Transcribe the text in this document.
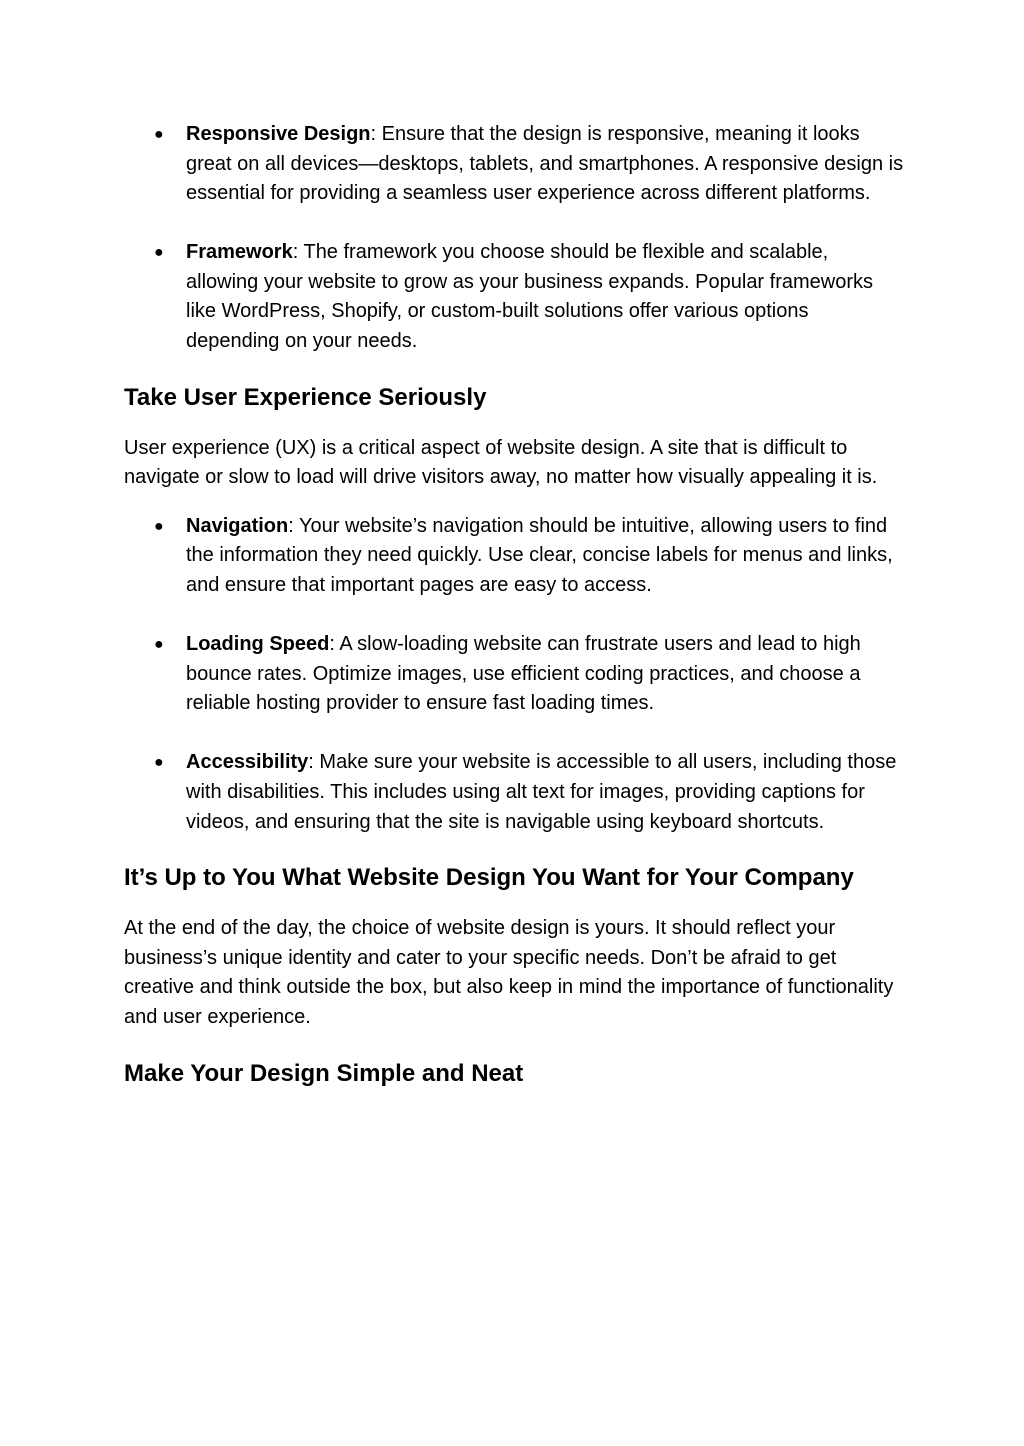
● Responsive Design: Ensure that the design is responsive, meaning it looks great on all devices—desktops, tablets, and smartphones. A responsive design is essential for providing a seamless user experience across different platforms.
● Framework: The framework you choose should be flexible and scalable, allowing your website to grow as your business expands. Popular frameworks like WordPress, Shopify, or custom-built solutions offer various options depending on your needs.
Take User Experience Seriously

User experience (UX) is a critical aspect of website design. A site that is difficult to navigate or slow to load will drive visitors away, no matter how visually appealing it is.

● Navigation: Your website’s navigation should be intuitive, allowing users to find the information they need quickly. Use clear, concise labels for menus and links, and ensure that important pages are easy to access.
● Loading Speed: A slow-loading website can frustrate users and lead to high bounce rates. Optimize images, use efficient coding practices, and choose a reliable hosting provider to ensure fast loading times.
● Accessibility: Make sure your website is accessible to all users, including those with disabilities. This includes using alt text for images, providing captions for videos, and ensuring that the site is navigable using keyboard shortcuts.
It’s Up to You What Website Design You Want for Your Company

At the end of the day, the choice of website design is yours. It should reflect your business’s unique identity and cater to your specific needs. Don’t be afraid to get creative and think outside the box, but also keep in mind the importance of functionality and user experience.

Make Your Design Simple and Neat
